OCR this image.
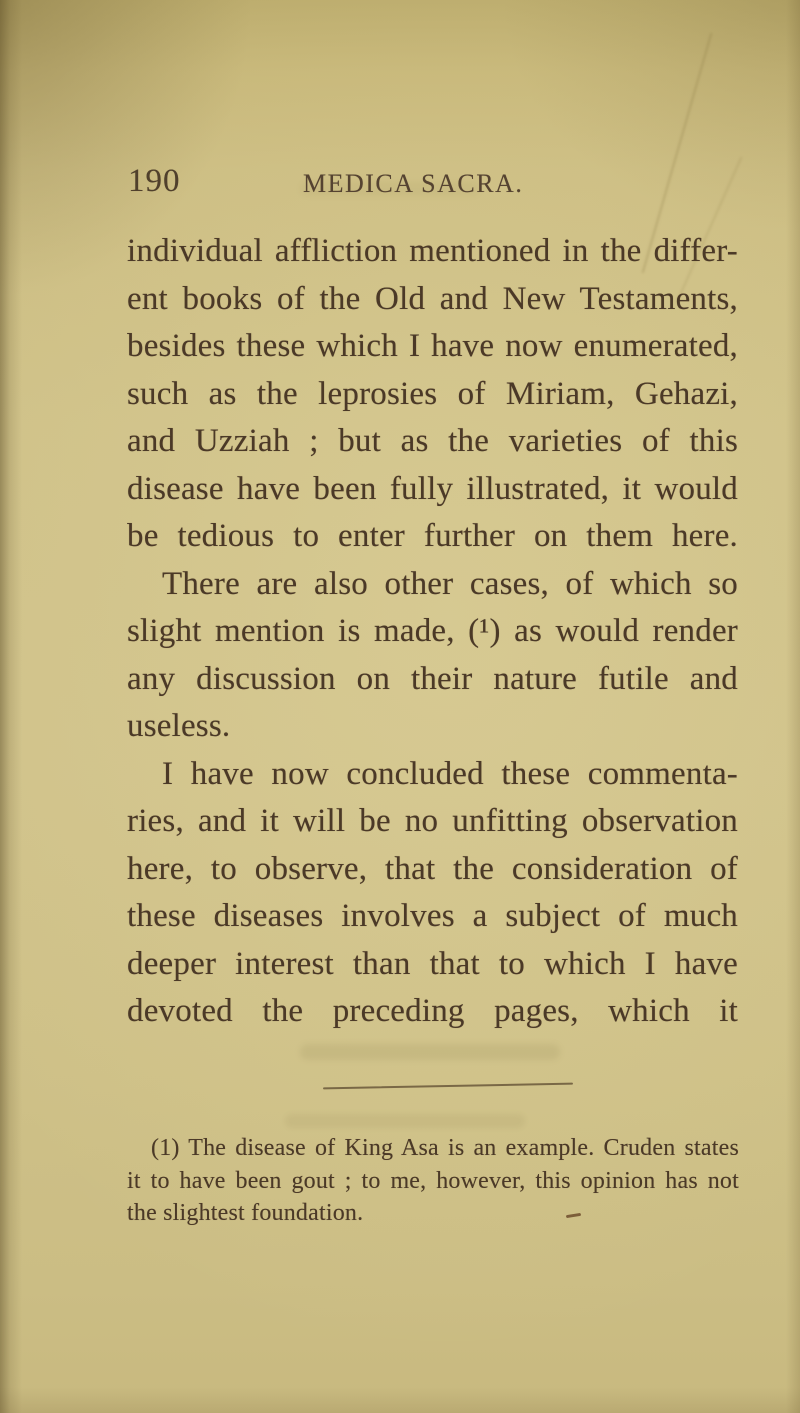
190	MEDICA SACRA.
individual affliction mentioned in the differ-
ent books of the Old and New Testaments,
besides these which I have now enumerated,
such as the leprosies of Miriam, Gehazi,
and Uzziah ; but as the varieties of this
disease have been fully illustrated, it would
be tedious to enter further on them here.
There are also other cases, of which so
slight mention is made, (¹) as would render
any discussion on their nature futile and
useless.
I have now concluded these commenta-
ries, and it will be no unfitting observation
here, to observe, that the consideration of
these diseases involves a subject of much
deeper interest than that to which I have
devoted the preceding pages, which it
(1) The disease of King Asa is an example. Cruden states
it to have been gout ; to me, however, this opinion has not
the slightest foundation.
